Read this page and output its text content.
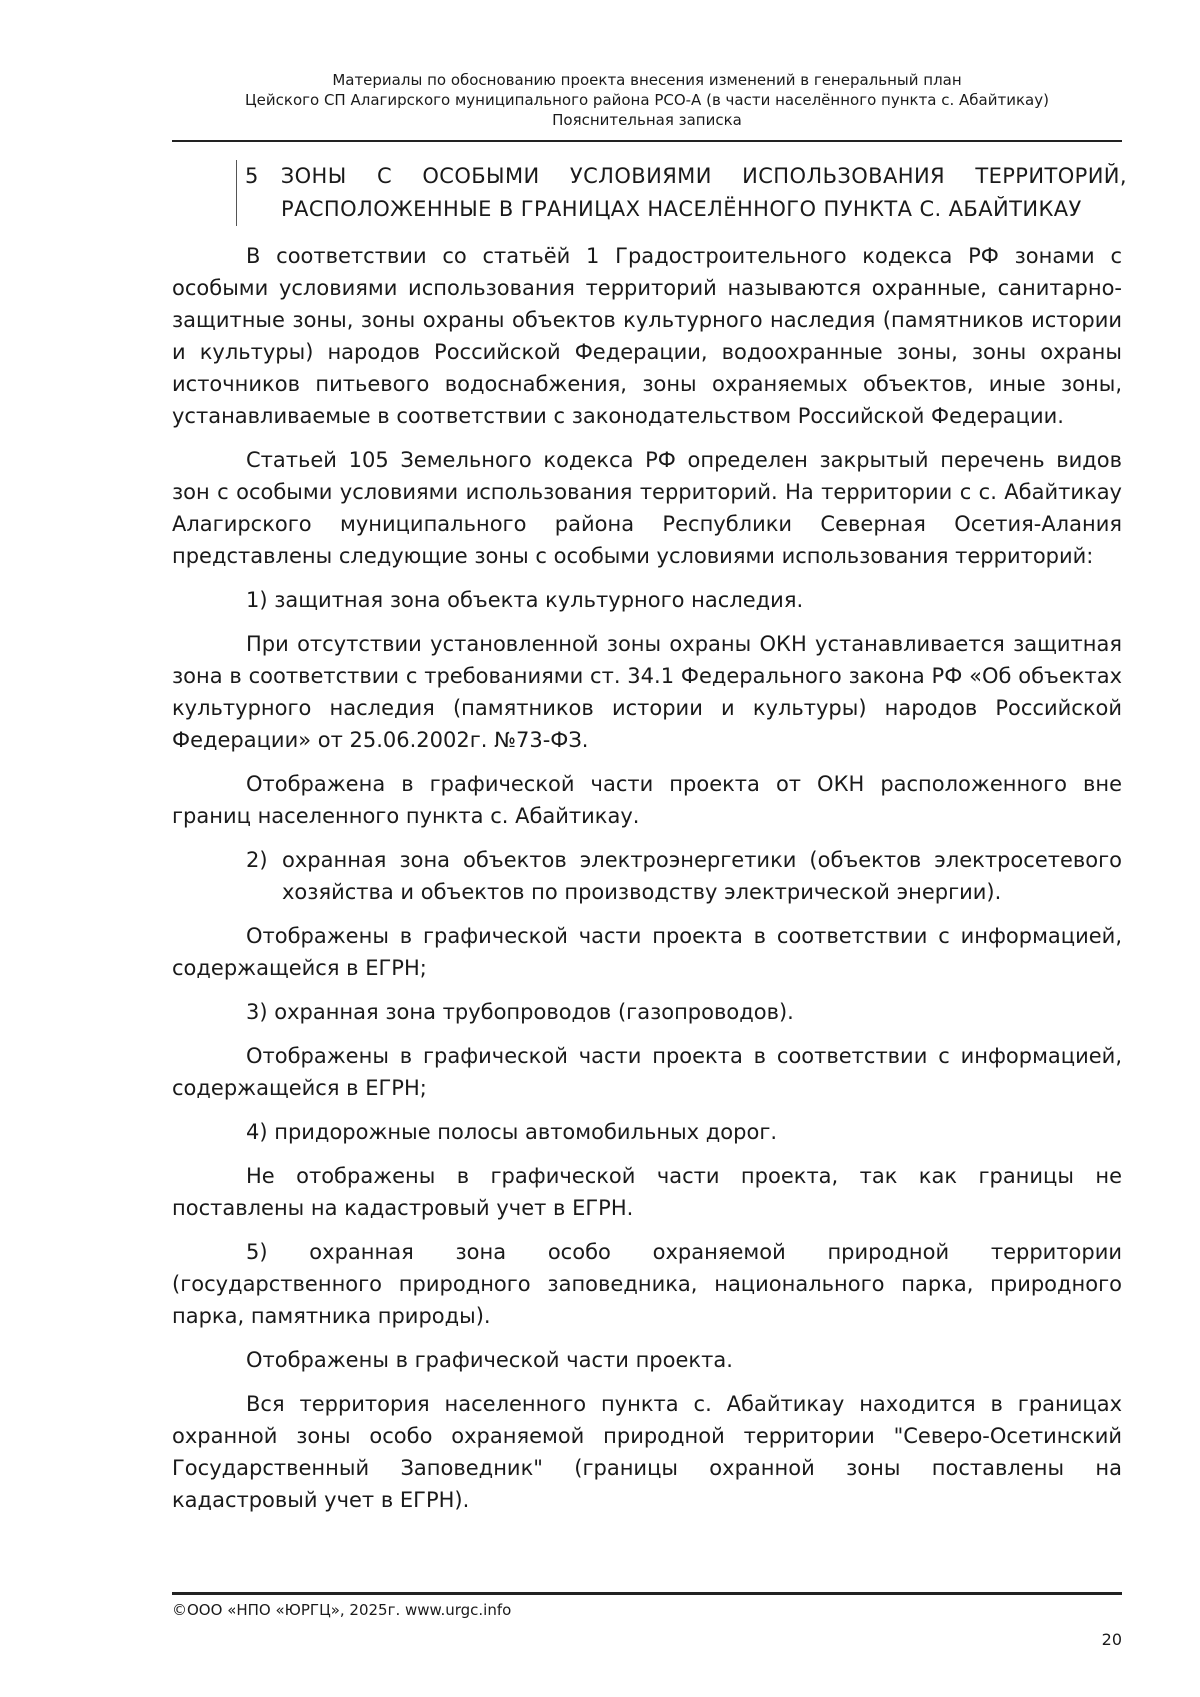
Материалы по обоснованию проекта внесения изменений в генеральный план
Цейского СП Алагирского муниципального района РСО-А (в части населённого пункта с. Абайтикау)
Пояснительная записка
5 ЗОНЫ С ОСОБЫМИ УСЛОВИЯМИ ИСПОЛЬЗОВАНИЯ ТЕРРИТОРИЙ,
РАСПОЛОЖЕННЫЕ В ГРАНИЦАХ НАСЕЛЁННОГО ПУНКТА С. АБАЙТИКАУ

В соответствии со статьёй 1 Градостроительного кодекса РФ зонами с особыми условиями использования территорий называются охранные, санитарно-защитные зоны, зоны охраны объектов культурного наследия (памятников истории и культуры) народов Российской Федерации, водоохранные зоны, зоны охраны источников питьевого водоснабжения, зоны охраняемых объектов, иные зоны, устанавливаемые в соответствии с законодательством Российской Федерации.

Статьей 105 Земельного кодекса РФ определен закрытый перечень видов зон с особыми условиями использования территорий. На территории с с. Абайтикау Алагирского муниципального района Республики Северная Осетия-Алания представлены следующие зоны с особыми условиями использования территорий:

1) защитная зона объекта культурного наследия.

При отсутствии установленной зоны охраны ОКН устанавливается защитная зона в соответствии с требованиями ст. 34.1 Федерального закона РФ «Об объектах культурного наследия (памятников истории и культуры) народов Российской Федерации» от 25.06.2002г. №73-ФЗ.

Отображена в графической части проекта от ОКН расположенного вне границ населенного пункта с. Абайтикау.

2) охранная зона объектов электроэнергетики (объектов электросетевого хозяйства и объектов по производству электрической энергии).

Отображены в графической части проекта в соответствии с информацией, содержащейся в ЕГРН;

3) охранная зона трубопроводов (газопроводов).

Отображены в графической части проекта в соответствии с информацией, содержащейся в ЕГРН;

4) придорожные полосы автомобильных дорог.

Не отображены в графической части проекта, так как границы не поставлены на кадастровый учет в ЕГРН.

5) охранная зона особо охраняемой природной территории (государственного природного заповедника, национального парка, природного парка, памятника природы).

Отображены в графической части проекта.

Вся территория населенного пункта с. Абайтикау находится в границах охранной зоны особо охраняемой природной территории "Северо-Осетинский Государственный Заповедник" (границы охранной зоны поставлены на кадастровый учет в ЕГРН).

©ООО «НПО «ЮРГЦ», 2025г. www.urgc.info
20
